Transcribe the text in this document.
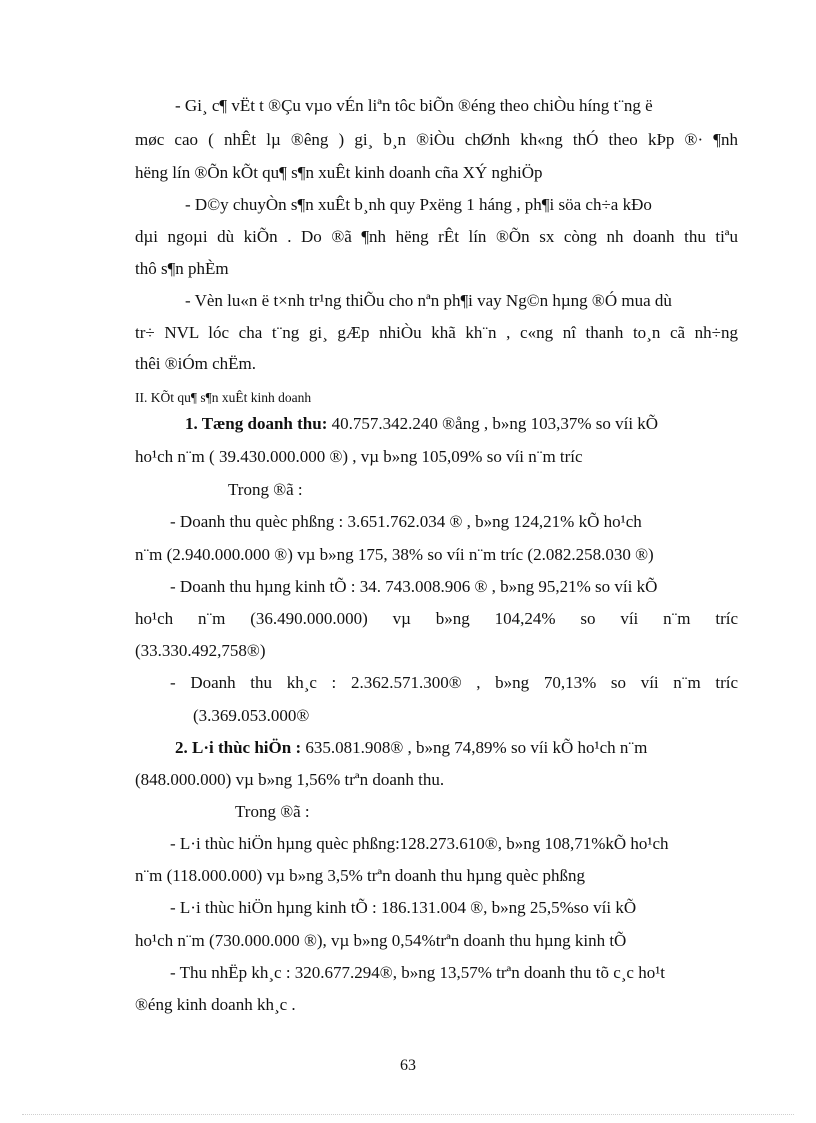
- Gi¸ c¶ vËt t ®Çu vµo vÉn liªn tôc biÕn ®éng theo chiÒu híng t¨ng ë
møc cao ( nhÊt lµ ®êng ) gi¸ b¸n ®iÒu chØnh kh«ng thÓ theo kÞp ®· ¶nh
hëng lín ®Õn kÕt qu¶ s¶n xuÊt kinh doanh cña XÝ nghiÖp
- D©y chuyÒn s¶n xuÊt b¸nh quy Pxëng 1 háng , ph¶i söa ch÷a kÐo
dµi ngoµi dù kiÕn . Do ®ã ¶nh hëng rÊt lín ®Õn sx còng nh doanh thu tiªu
thô s¶n phÈm
- Vèn lu«n ë t×nh tr¹ng thiÕu cho nªn ph¶i vay Ng©n hµng ®Ó mua dù
tr÷ NVL lóc cha t¨ng gi¸ gÆp nhiÒu khã kh¨n , c«ng nî thanh to¸n cã nh÷ng
thêi ®iÓm chËm.
II. KÕt qu¶ s¶n xuÊt kinh doanh
1. Tæng doanh thu: 40.757.342.240 ®ång , b»ng 103,37% so víi kÕ
ho¹ch n¨m ( 39.430.000.000 ®) , vµ b»ng 105,09% so víi n¨m tríc
Trong ®ã :
- Doanh thu quèc phßng : 3.651.762.034 ® , b»ng 124,21% kÕ ho¹ch
n¨m (2.940.000.000 ®) vµ b»ng 175, 38% so víi n¨m tríc (2.082.258.030 ®)
- Doanh thu hµng kinh tÕ : 34. 743.008.906 ® , b»ng 95,21% so víi kÕ
ho¹ch n¨m (36.490.000.000) vµ b»ng 104,24% so víi n¨m tríc
(33.330.492,758®)
- Doanh thu kh¸c : 2.362.571.300® , b»ng 70,13% so víi n¨m tríc
(3.369.053.000®
2. L·i thùc hiÖn : 635.081.908® , b»ng 74,89% so víi kÕ ho¹ch n¨m
(848.000.000) vµ b»ng 1,56% trªn doanh thu.
Trong ®ã :
- L·i thùc hiÖn hµng quèc phßng:128.273.610®, b»ng 108,71%kÕ ho¹ch
n¨m (118.000.000) vµ b»ng 3,5% trªn doanh thu hµng quèc phßng
- L·i thùc hiÖn hµng kinh tÕ : 186.131.004 ®, b»ng 25,5%so víi kÕ
ho¹ch n¨m (730.000.000 ®), vµ b»ng 0,54%trªn doanh thu hµng kinh tÕ
- Thu nhËp kh¸c : 320.677.294®, b»ng 13,57% trªn doanh thu tõ c¸c ho¹t
®éng kinh doanh kh¸c .
63
